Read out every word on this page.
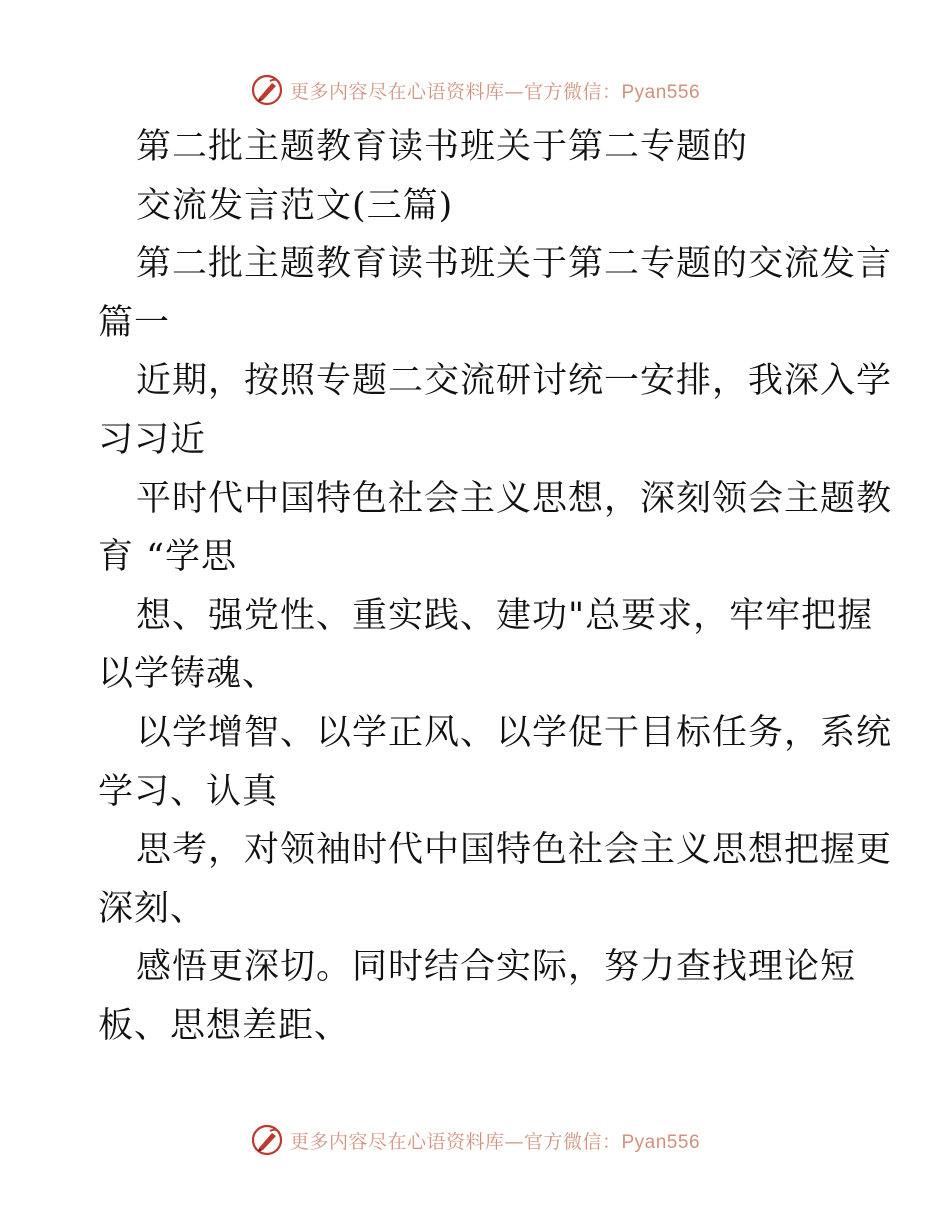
更多内容尽在心语资料库—官方微信：Pyan556
第二批主题教育读书班关于第二专题的
交流发言范文(三篇)
第二批主题教育读书班关于第二专题的交流发言
篇一
近期，按照专题二交流研讨统一安排，我深入学
习习近
平时代中国特色社会主义思想，深刻领会主题教
育 “学思
想、强党性、重实践、建功"总要求，牢牢把握
以学铸魂、
以学增智、以学正风、以学促干目标任务，系统
学习、认真
思考，对领袖时代中国特色社会主义思想把握更
深刻、
感悟更深切。同时结合实际，努力查找理论短
板、思想差距、
更多内容尽在心语资料库—官方微信：Pyan556
